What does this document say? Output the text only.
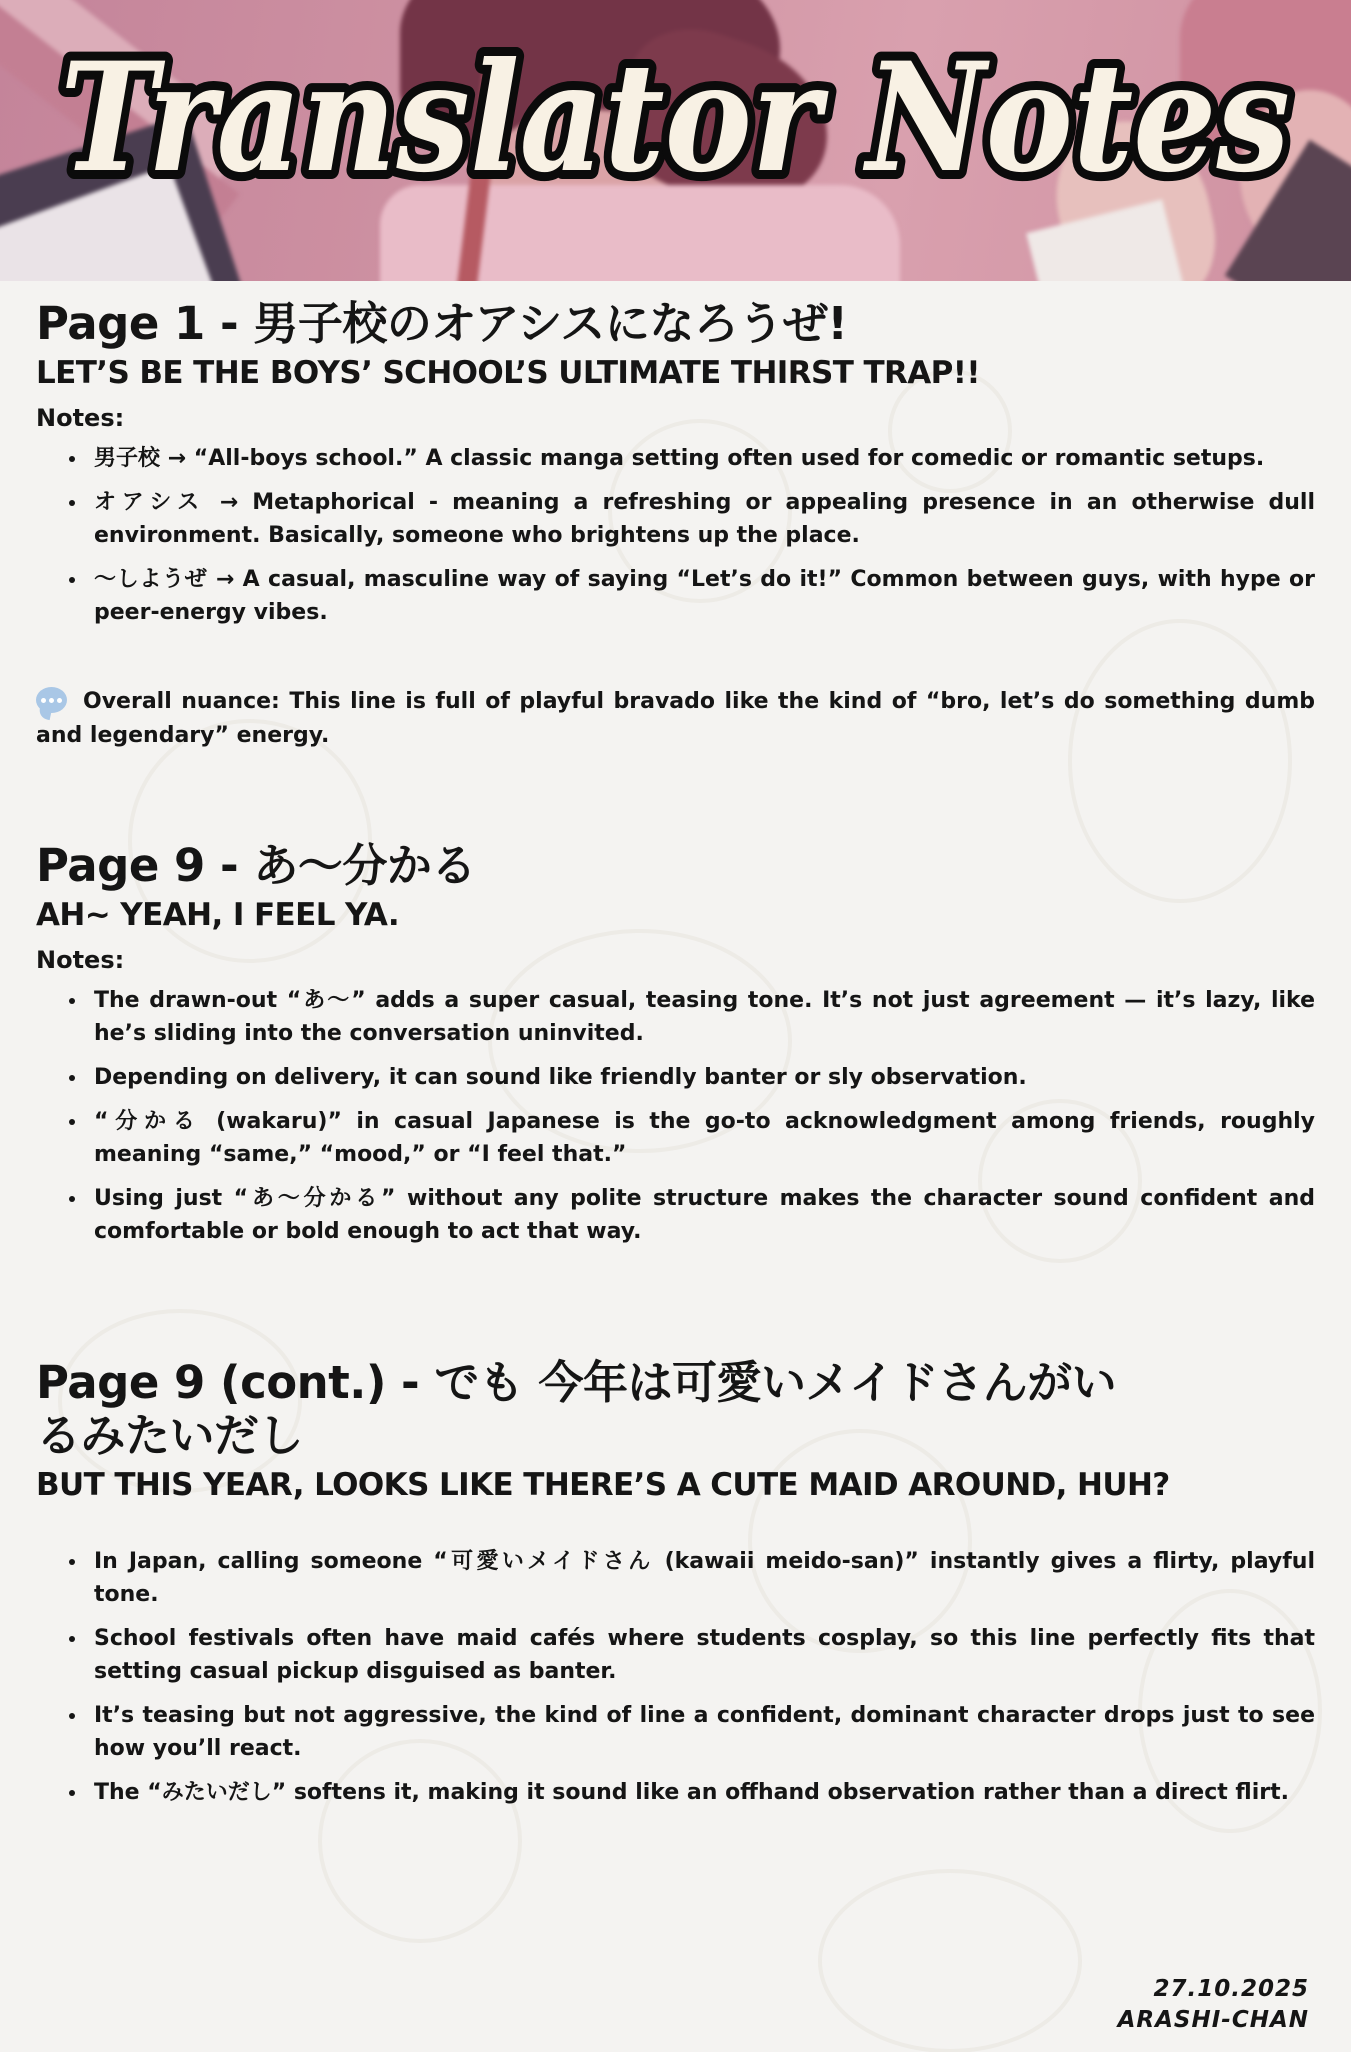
Translator Notes
Page 1 - 男子校のオアシスになろうぜ!
LET’S BE THE BOYS’ SCHOOL’S ULTIMATE THIRST TRAP!!
Notes:
• 男子校 → “All-boys school.” A classic manga setting often used for comedic or romantic setups.
• オアシス → Metaphorical - meaning a refreshing or appealing presence in an otherwise dull environment. Basically, someone who brightens up the place.
• 〜しようぜ → A casual, masculine way of saying “Let’s do it!” Common between guys, with hype or peer-energy vibes.

Overall nuance: This line is full of playful bravado like the kind of “bro, let’s do something dumb and legendary” energy.

Page 9 - あ〜分かる
AH~ YEAH, I FEEL YA.
Notes:
• The drawn-out “あ〜” adds a super casual, teasing tone. It’s not just agreement — it’s lazy, like he’s sliding into the conversation uninvited.
• Depending on delivery, it can sound like friendly banter or sly observation.
• “分かる (wakaru)” in casual Japanese is the go-to acknowledgment among friends, roughly meaning “same,” “mood,” or “I feel that.”
• Using just “あ〜分かる” without any polite structure makes the character sound confident and comfortable or bold enough to act that way.
Page 9 (cont.) - でも 今年は可愛いメイドさんがいるみたいだし
BUT THIS YEAR, LOOKS LIKE THERE’S A CUTE MAID AROUND, HUH?
• In Japan, calling someone “可愛いメイドさん (kawaii meido-san)” instantly gives a flirty, playful tone.
• School festivals often have maid cafés where students cosplay, so this line perfectly fits that setting casual pickup disguised as banter.
• It’s teasing but not aggressive, the kind of line a confident, dominant character drops just to see how you’ll react.
• The “みたいだし” softens it, making it sound like an offhand observation rather than a direct flirt.
27.10.2025
ARASHI-CHAN
